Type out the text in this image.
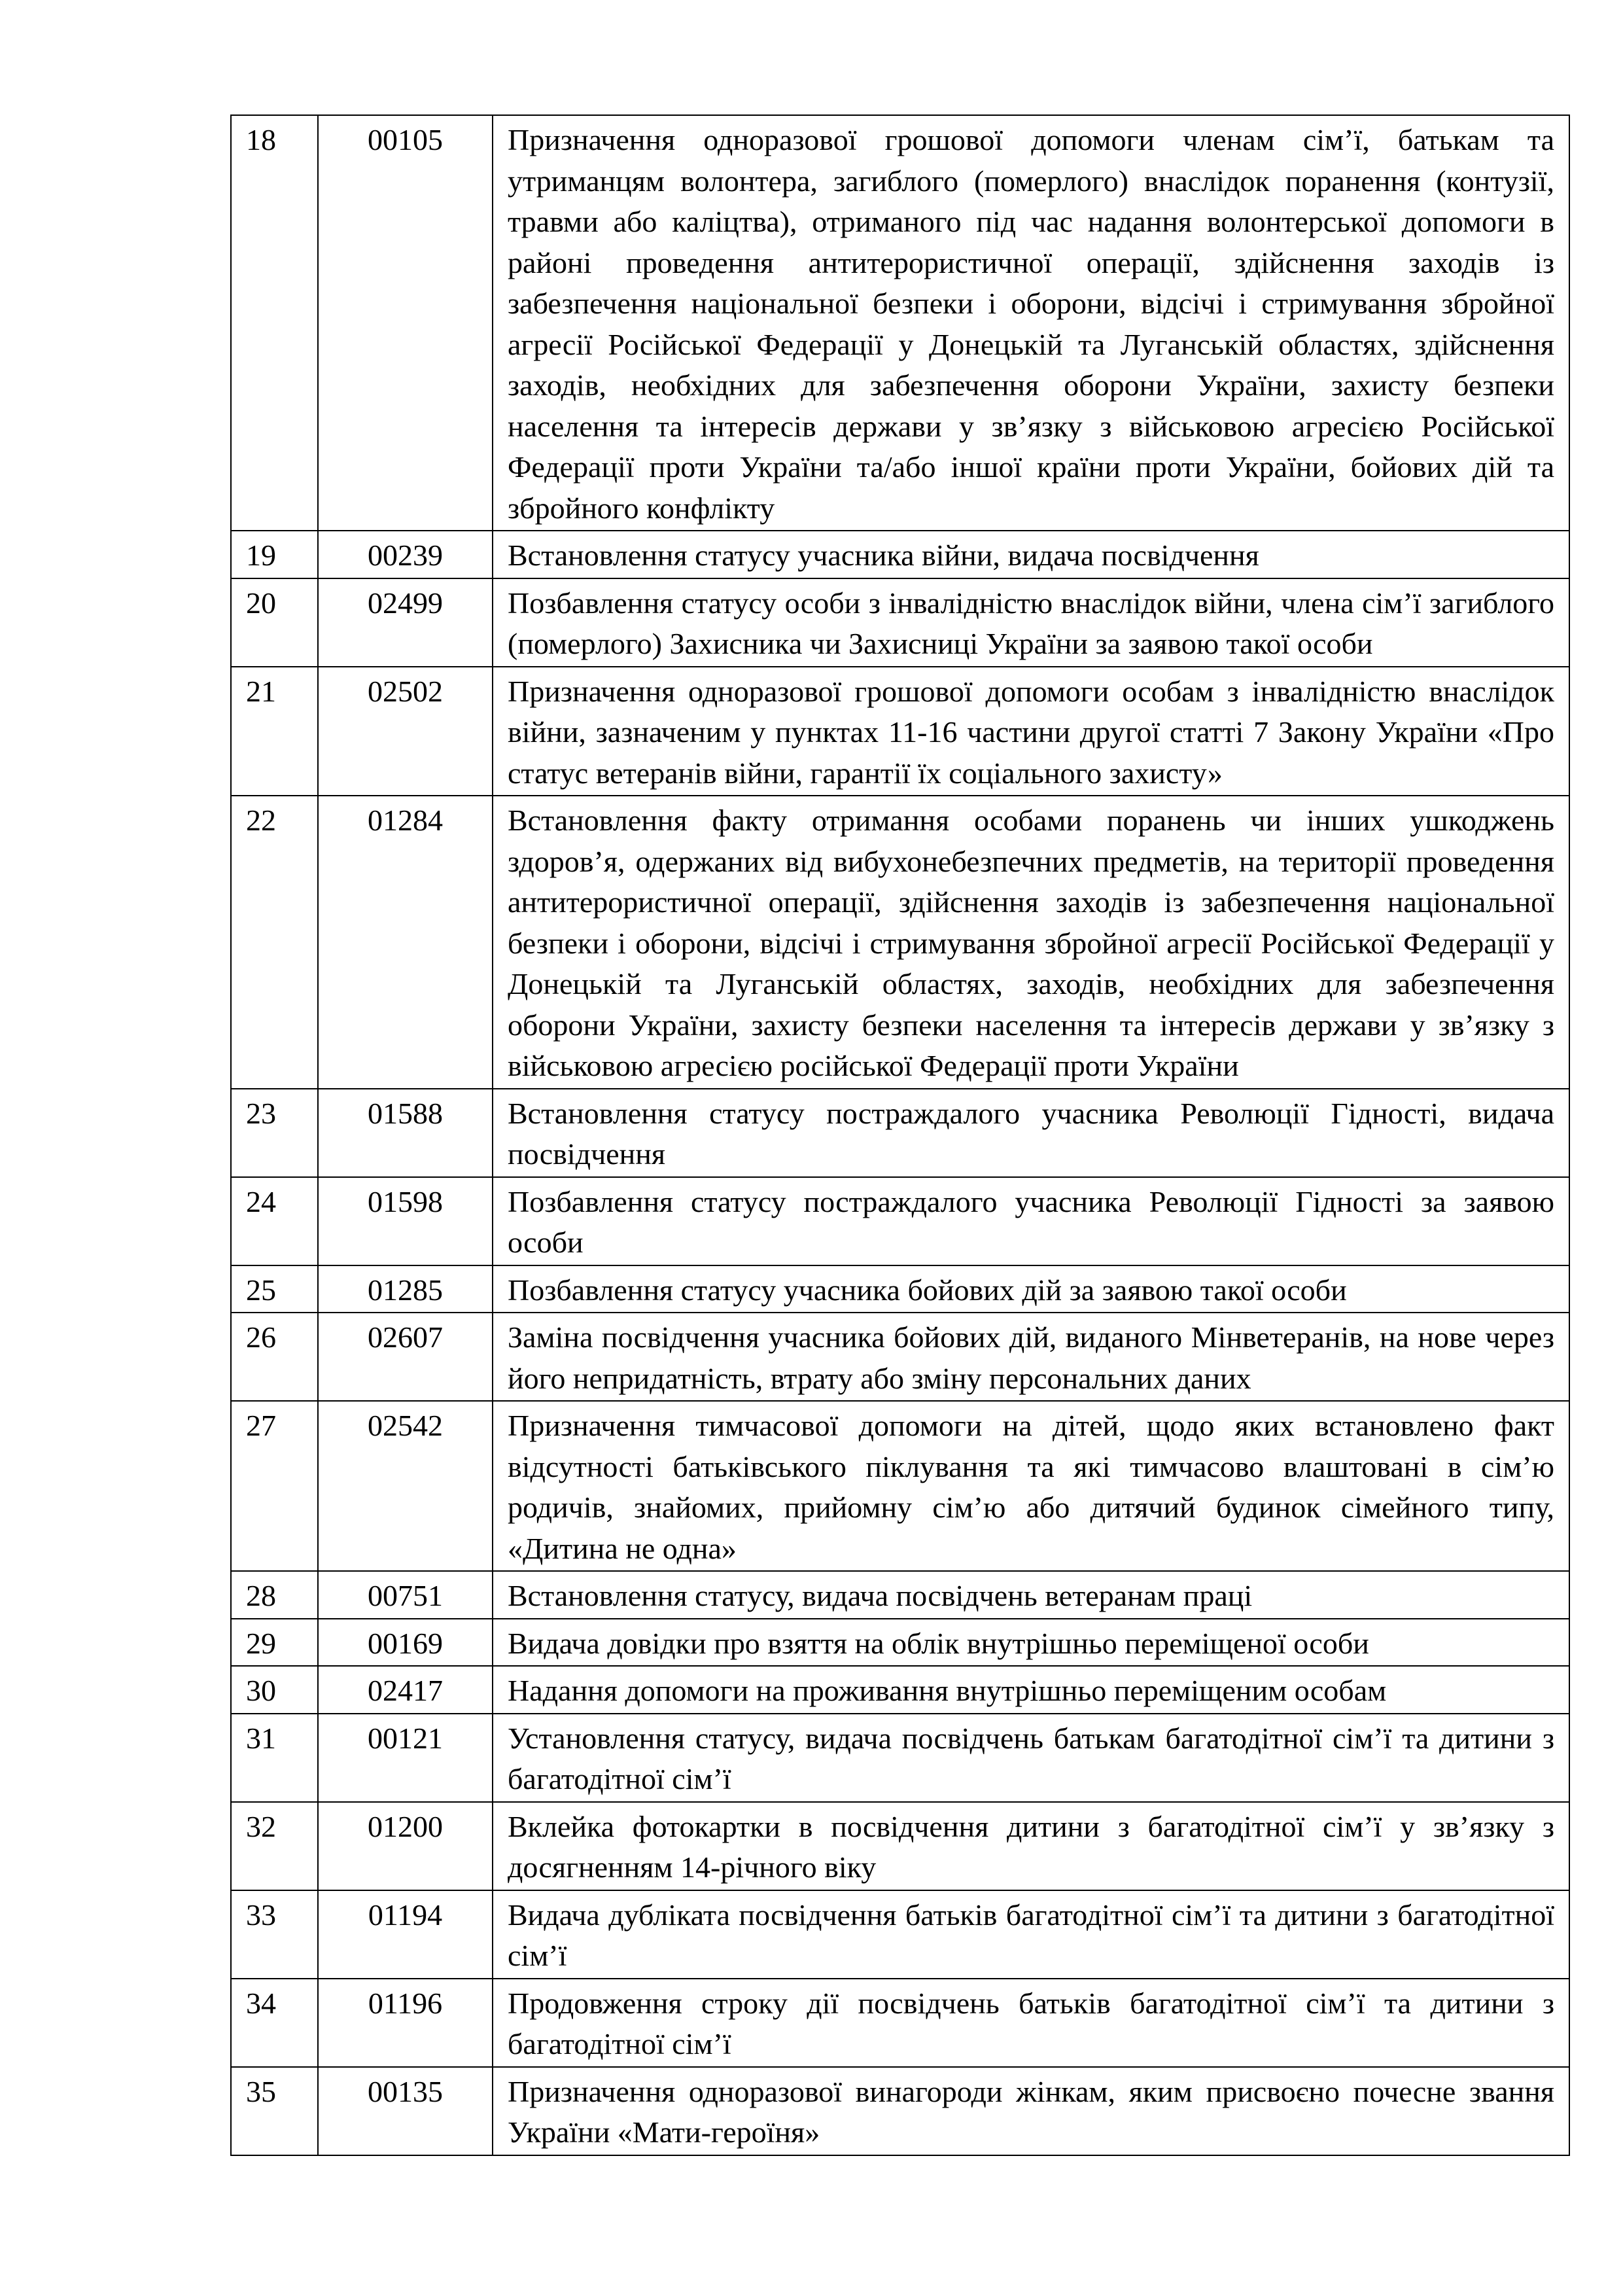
18	00105	Призначення одноразової грошової допомоги членам сім’ї, батькам та утриманцям волонтера, загиблого (померлого) внаслідок поранення (контузії, травми або каліцтва), отриманого під час надання волонтерської допомоги в районі проведення антитерористичної операції, здійснення заходів із забезпечення національної безпеки і оборони, відсічі і стримування збройної агресії Російської Федерації у Донецькій та Луганській областях, здійснення заходів, необхідних для забезпечення оборони України, захисту безпеки населення та інтересів держави у зв’язку з військовою агресією Російської Федерації проти України та/або іншої країни проти України, бойових дій та збройного конфлікту
19	00239	Встановлення статусу учасника війни, видача посвідчення
20	02499	Позбавлення статусу особи з інвалідністю внаслідок війни, члена сім’ї загиблого (померлого) Захисника чи Захисниці України за заявою такої особи
21	02502	Призначення одноразової грошової допомоги особам з інвалідністю внаслідок війни, зазначеним у пунктах 11-16 частини другої статті 7 Закону України «Про статус ветеранів війни, гарантії їх соціального захисту»
22	01284	Встановлення факту отримання особами поранень чи інших ушкоджень здоров’я, одержаних від вибухонебезпечних предметів, на території проведення антитерористичної операції, здійснення заходів із забезпечення національної безпеки і оборони, відсічі і стримування збройної агресії Російської Федерації у Донецькій та Луганській областях, заходів, необхідних для забезпечення оборони України, захисту безпеки населення та інтересів держави у зв’язку з військовою агресією російської Федерації проти України
23	01588	Встановлення статусу постраждалого учасника Революції Гідності, видача посвідчення
24	01598	Позбавлення статусу постраждалого учасника Революції Гідності за заявою особи
25	01285	Позбавлення статусу учасника бойових дій за заявою такої особи
26	02607	Заміна посвідчення учасника бойових дій, виданого Мінветеранів, на нове через його непридатність, втрату або зміну персональних даних
27	02542	Призначення тимчасової допомоги на дітей, щодо яких встановлено факт відсутності батьківського піклування та які тимчасово влаштовані в сім’ю родичів, знайомих, прийомну сім’ю або дитячий будинок сімейного типу, «Дитина не одна»
28	00751	Встановлення статусу, видача посвідчень ветеранам праці
29	00169	Видача довідки про взяття на облік внутрішньо переміщеної особи
30	02417	Надання допомоги на проживання внутрішньо переміщеним особам
31	00121	Установлення статусу, видача посвідчень батькам багатодітної сім’ї та дитини з багатодітної сім’ї
32	01200	Вклейка фотокартки в посвідчення дитини з багатодітної сім’ї у зв’язку з досягненням 14-річного віку
33	01194	Видача дубліката посвідчення батьків багатодітної сім’ї та дитини з багатодітної сім’ї
34	01196	Продовження строку дії посвідчень батьків багатодітної сім’ї та дитини з багатодітної сім’ї
35	00135	Призначення одноразової винагороди жінкам, яким присвоєно почесне звання України «Мати-героїня»
